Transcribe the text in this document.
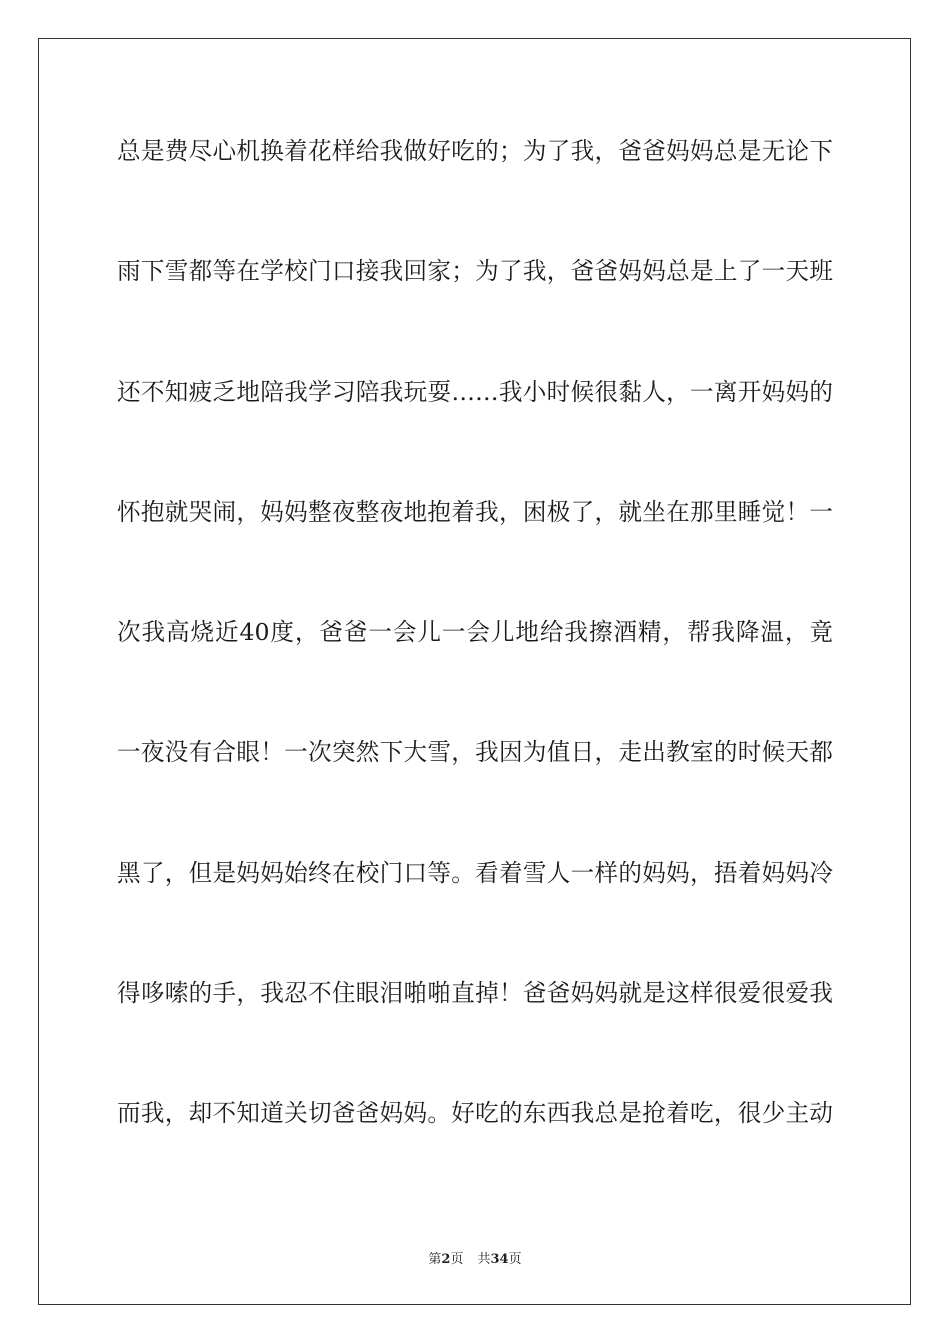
总是费尽心机换着花样给我做好吃的；为了我，爸爸妈妈总是无论下
雨下雪都等在学校门口接我回家；为了我，爸爸妈妈总是上了一天班
还不知疲乏地陪我学习陪我玩耍……我小时候很黏人，一离开妈妈的
怀抱就哭闹，妈妈整夜整夜地抱着我，困极了，就坐在那里睡觉！一
次我高烧近40度，爸爸一会儿一会儿地给我擦酒精，帮我降温，竟
一夜没有合眼！一次突然下大雪，我因为值日，走出教室的时候天都
黑了，但是妈妈始终在校门口等。看着雪人一样的妈妈，捂着妈妈冷
得哆嗦的手，我忍不住眼泪啪啪直掉！爸爸妈妈就是这样很爱很爱我
而我，却不知道关切爸爸妈妈。好吃的东西我总是抢着吃，很少主动
第2页 共34页
